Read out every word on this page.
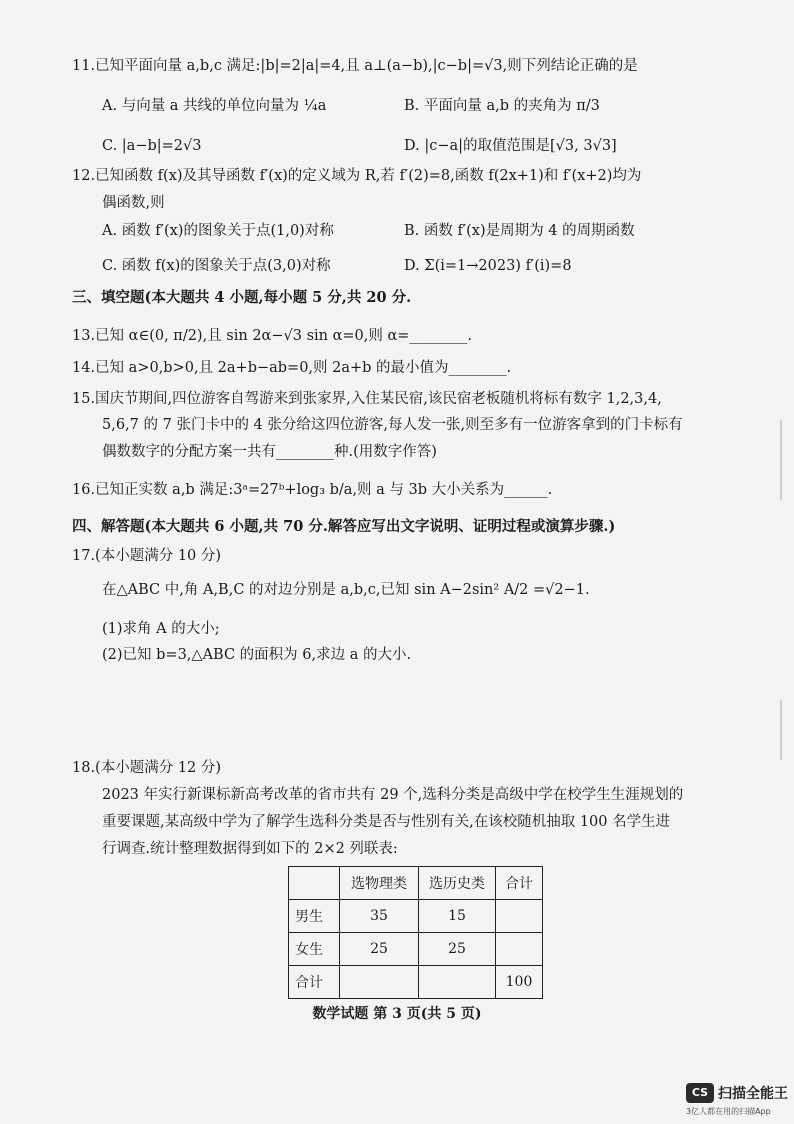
11.已知平面向量 a,b,c 满足:|b|=2|a|=4,且 a⊥(a−b),|c−b|=√3,则下列结论正确的是
A. 与向量 a 共线的单位向量为 ¼a	B. 平面向量 a,b 的夹角为 π/3
C. |a−b|=2√3	D. |c−a|的取值范围是[√3, 3√3]
12.已知函数 f(x)及其导函数 f′(x)的定义域为 R,若 f′(2)=8,函数 f(2x+1)和 f′(x+2)均为
偶函数,则
A. 函数 f′(x)的图象关于点(1,0)对称	B. 函数 f′(x)是周期为 4 的周期函数
C. 函数 f(x)的图象关于点(3,0)对称	D. Σ(i=1→2023) f′(i)=8
三、填空题(本大题共 4 小题,每小题 5 分,共 20 分.
13.已知 α∈(0, π/2),且 sin 2α−√3 sin α=0,则 α=________.
14.已知 a>0,b>0,且 2a+b−ab=0,则 2a+b 的最小值为________.
15.国庆节期间,四位游客自驾游来到张家界,入住某民宿,该民宿老板随机将标有数字 1,2,3,4,
5,6,7 的 7 张门卡中的 4 张分给这四位游客,每人发一张,则至多有一位游客拿到的门卡标有
偶数数字的分配方案一共有________种.(用数字作答)
16.已知正实数 a,b 满足:3ᵃ=27ᵇ+log₃ b/a,则 a 与 3b 大小关系为______.
四、解答题(本大题共 6 小题,共 70 分.解答应写出文字说明、证明过程或演算步骤.)
17.(本小题满分 10 分)
在△ABC 中,角 A,B,C 的对边分别是 a,b,c,已知 sin A−2sin² A/2 =√2−1.
(1)求角 A 的大小;
(2)已知 b=3,△ABC 的面积为 6,求边 a 的大小.
18.(本小题满分 12 分)
2023 年实行新课标新高考改革的省市共有 29 个,选科分类是高级中学在校学生生涯规划的
重要课题,某高级中学为了解学生选科分类是否与性别有关,在该校随机抽取 100 名学生进
行调查.统计整理数据得到如下的 2×2 列联表:
	选物理类	选历史类	合计
男生	35	15	
女生	25	25	
合计			100
数学试题 第 3 页(共 5 页)
CS 扫描全能王
3亿人都在用的扫描App
